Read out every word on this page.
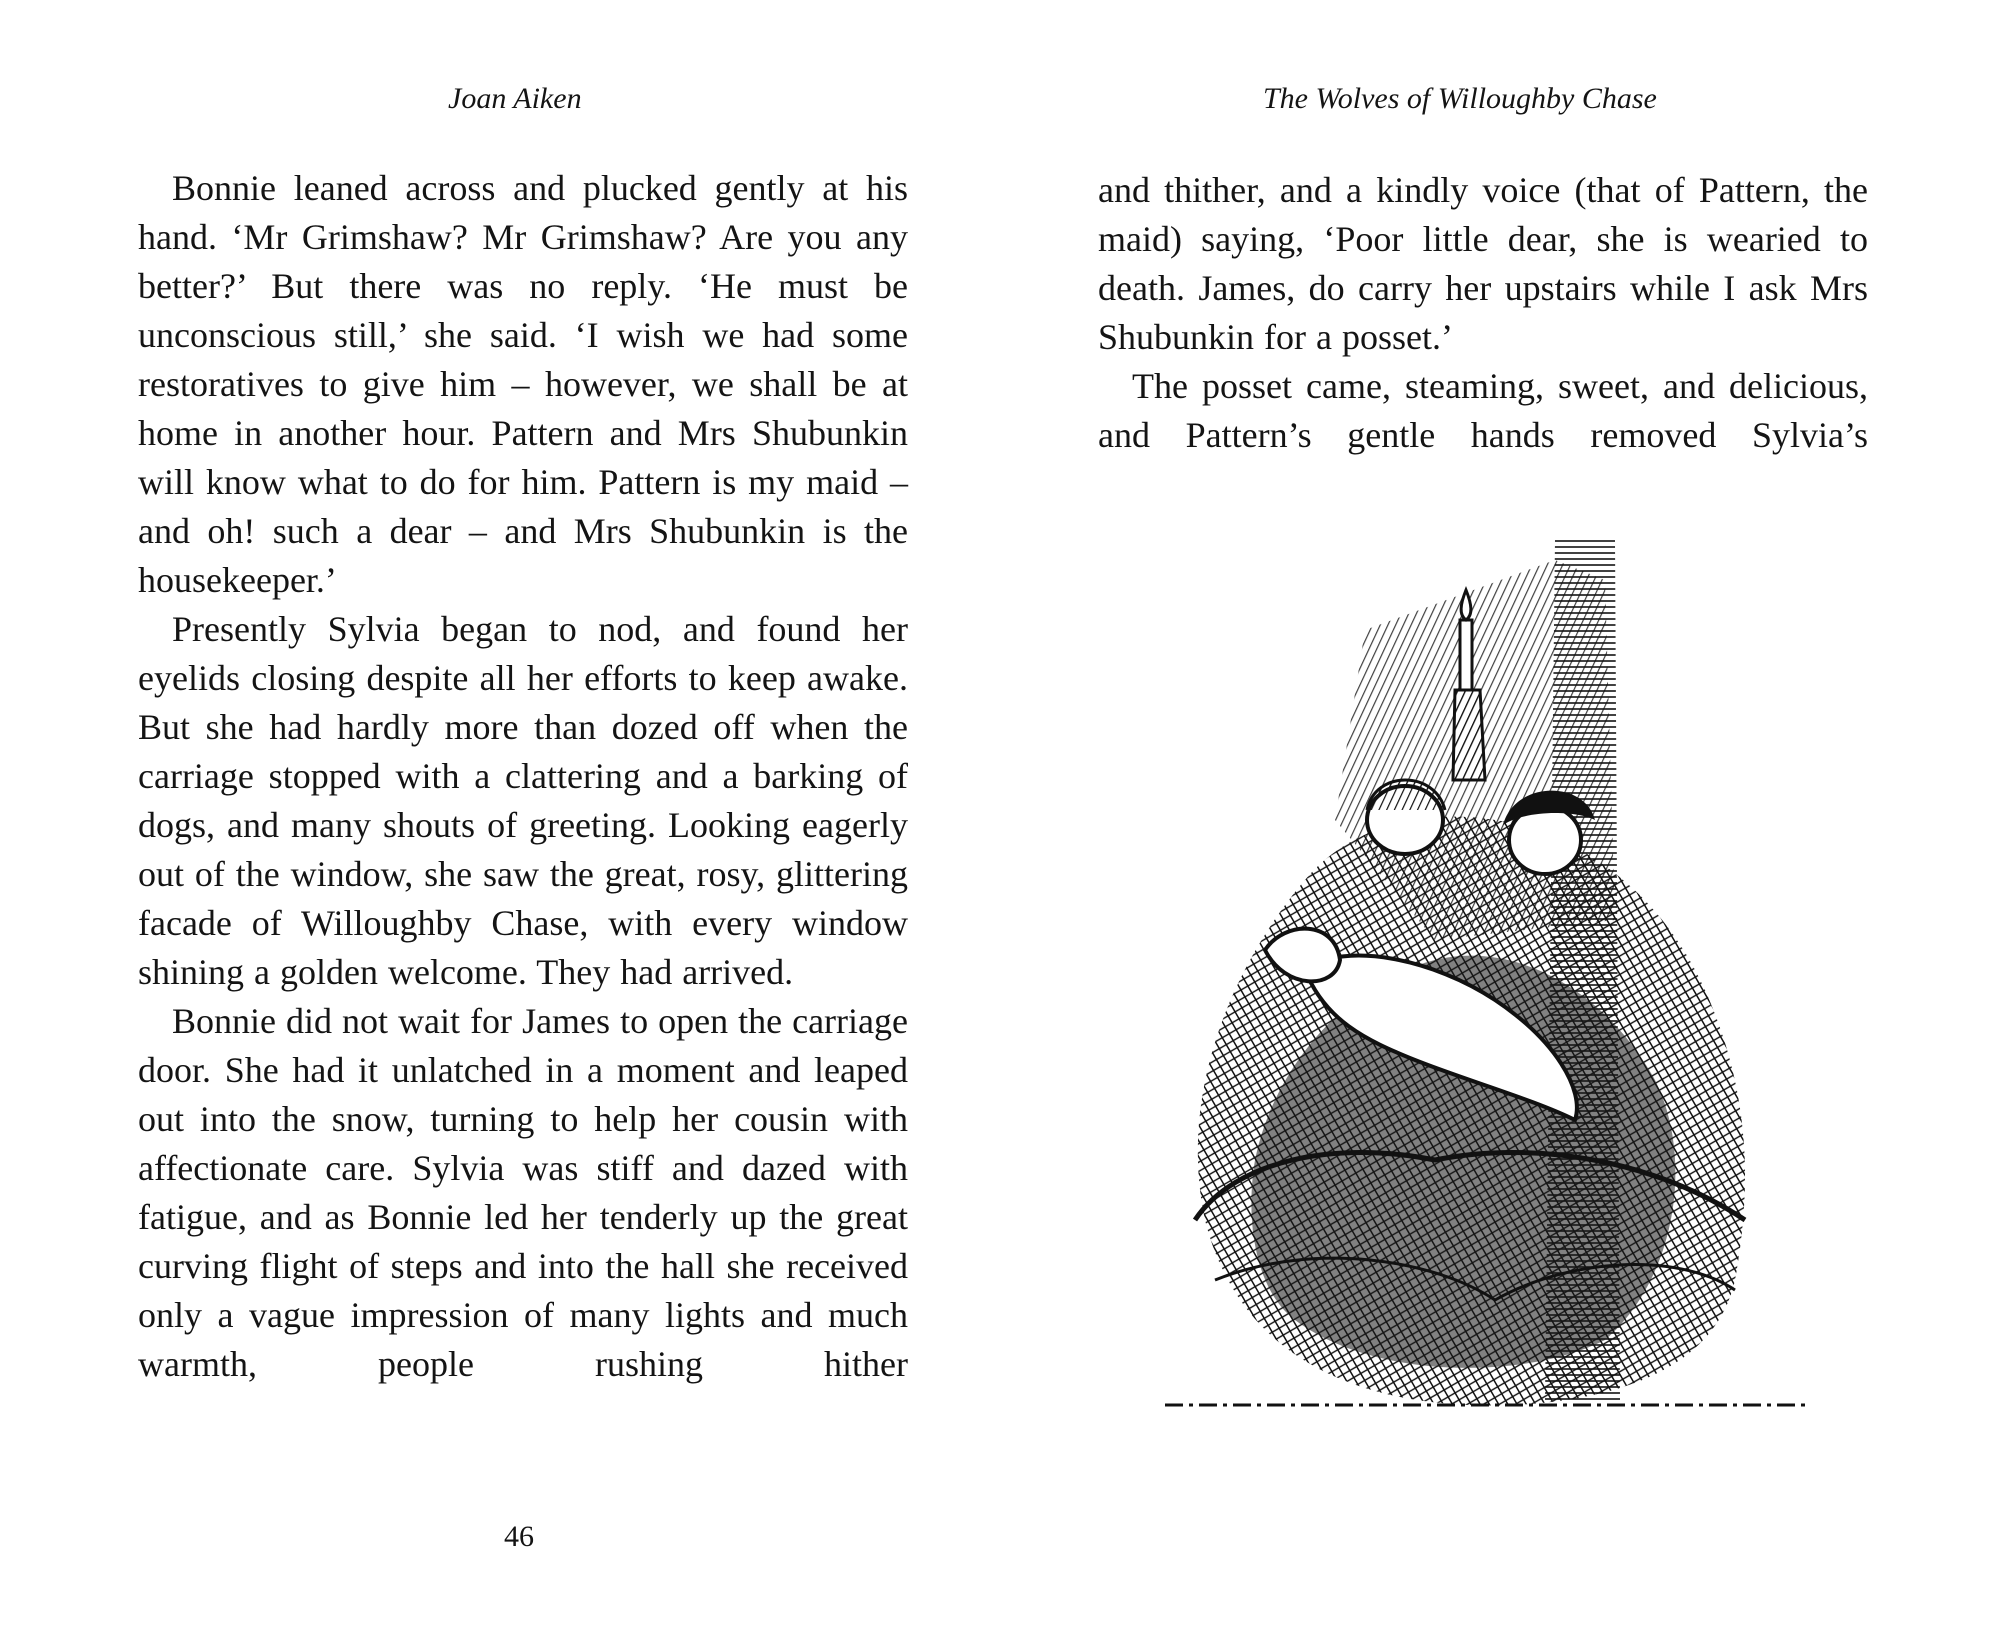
Joan Aiken

Bonnie leaned across and plucked gently at his hand. ‘Mr Grimshaw? Mr Grimshaw? Are you any better?’ But there was no reply. ‘He must be unconscious still,’ she said. ‘I wish we had some restoratives to give him – however, we shall be at home in another hour. Pattern and Mrs Shubunkin will know what to do for him. Pattern is my maid – and oh! such a dear – and Mrs Shubunkin is the housekeeper.’

Presently Sylvia began to nod, and found her eyelids closing despite all her efforts to keep awake. But she had hardly more than dozed off when the carriage stopped with a clattering and a barking of dogs, and many shouts of greeting. Looking eagerly out of the window, she saw the great, rosy, glittering facade of Willoughby Chase, with every window shining a golden welcome. They had arrived.

Bonnie did not wait for James to open the carriage door. She had it unlatched in a moment and leaped out into the snow, turning to help her cousin with affectionate care. Sylvia was stiff and dazed with fatigue, and as Bonnie led her tenderly up the great curving flight of steps and into the hall she received only a vague impression of many lights and much warmth, people rushing hither

46
The Wolves of Willoughby Chase

and thither, and a kindly voice (that of Pattern, the maid) saying, ‘Poor little dear, she is wearied to death. James, do carry her upstairs while I ask Mrs Shubunkin for a posset.’

The posset came, steaming, sweet, and delicious, and Pattern’s gentle hands removed Sylvia’s
